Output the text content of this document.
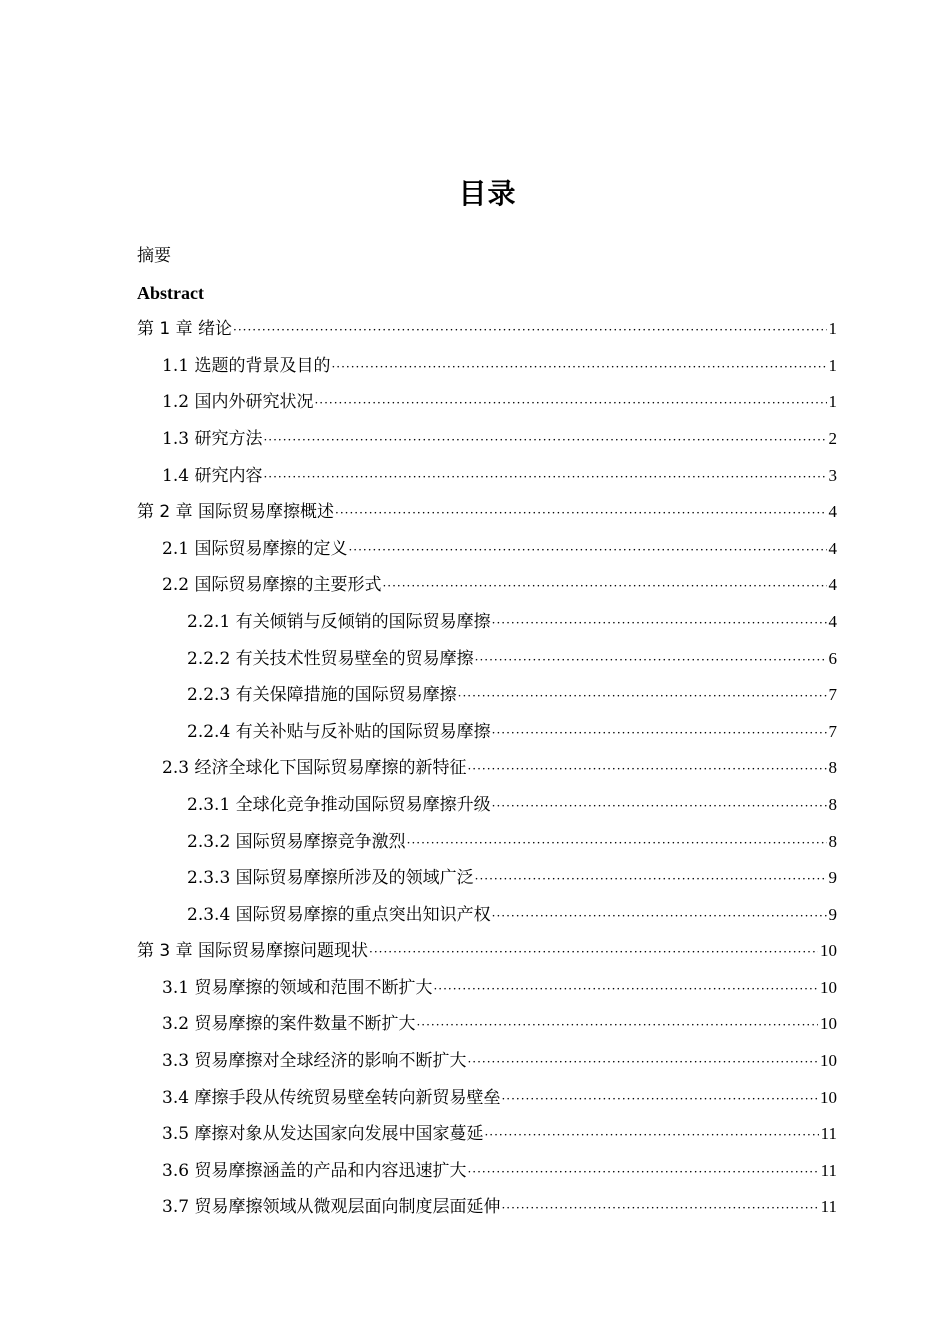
目录
摘要
Abstract
第 1 章 绪论 ·····	1
1.1 选题的背景及目的 ·····	1
1.2 国内外研究状况 ·····	1
1.3 研究方法 ·····	2
1.4 研究内容 ·····	3
第 2 章 国际贸易摩擦概述 ·····	4
2.1 国际贸易摩擦的定义 ·····	4
2.2 国际贸易摩擦的主要形式 ·····	4
2.2.1 有关倾销与反倾销的国际贸易摩擦 ·····	4
2.2.2 有关技术性贸易壁垒的贸易摩擦 ·····	6
2.2.3 有关保障措施的国际贸易摩擦 ·····	7
2.2.4 有关补贴与反补贴的国际贸易摩擦 ·····	7
2.3 经济全球化下国际贸易摩擦的新特征 ·····	8
2.3.1 全球化竞争推动国际贸易摩擦升级 ·····	8
2.3.2 国际贸易摩擦竞争激烈 ·····	8
2.3.3 国际贸易摩擦所涉及的领域广泛 ·····	9
2.3.4 国际贸易摩擦的重点突出知识产权 ·····	9
第 3 章 国际贸易摩擦问题现状 ·····	10
3.1 贸易摩擦的领域和范围不断扩大 ·····	10
3.2 贸易摩擦的案件数量不断扩大 ·····	10
3.3 贸易摩擦对全球经济的影响不断扩大 ·····	10
3.4 摩擦手段从传统贸易壁垒转向新贸易壁垒 ·····	10
3.5 摩擦对象从发达国家向发展中国家蔓延 ·····	11
3.6 贸易摩擦涵盖的产品和内容迅速扩大 ·····	11
3.7 贸易摩擦领域从微观层面向制度层面延伸 ·····	11
